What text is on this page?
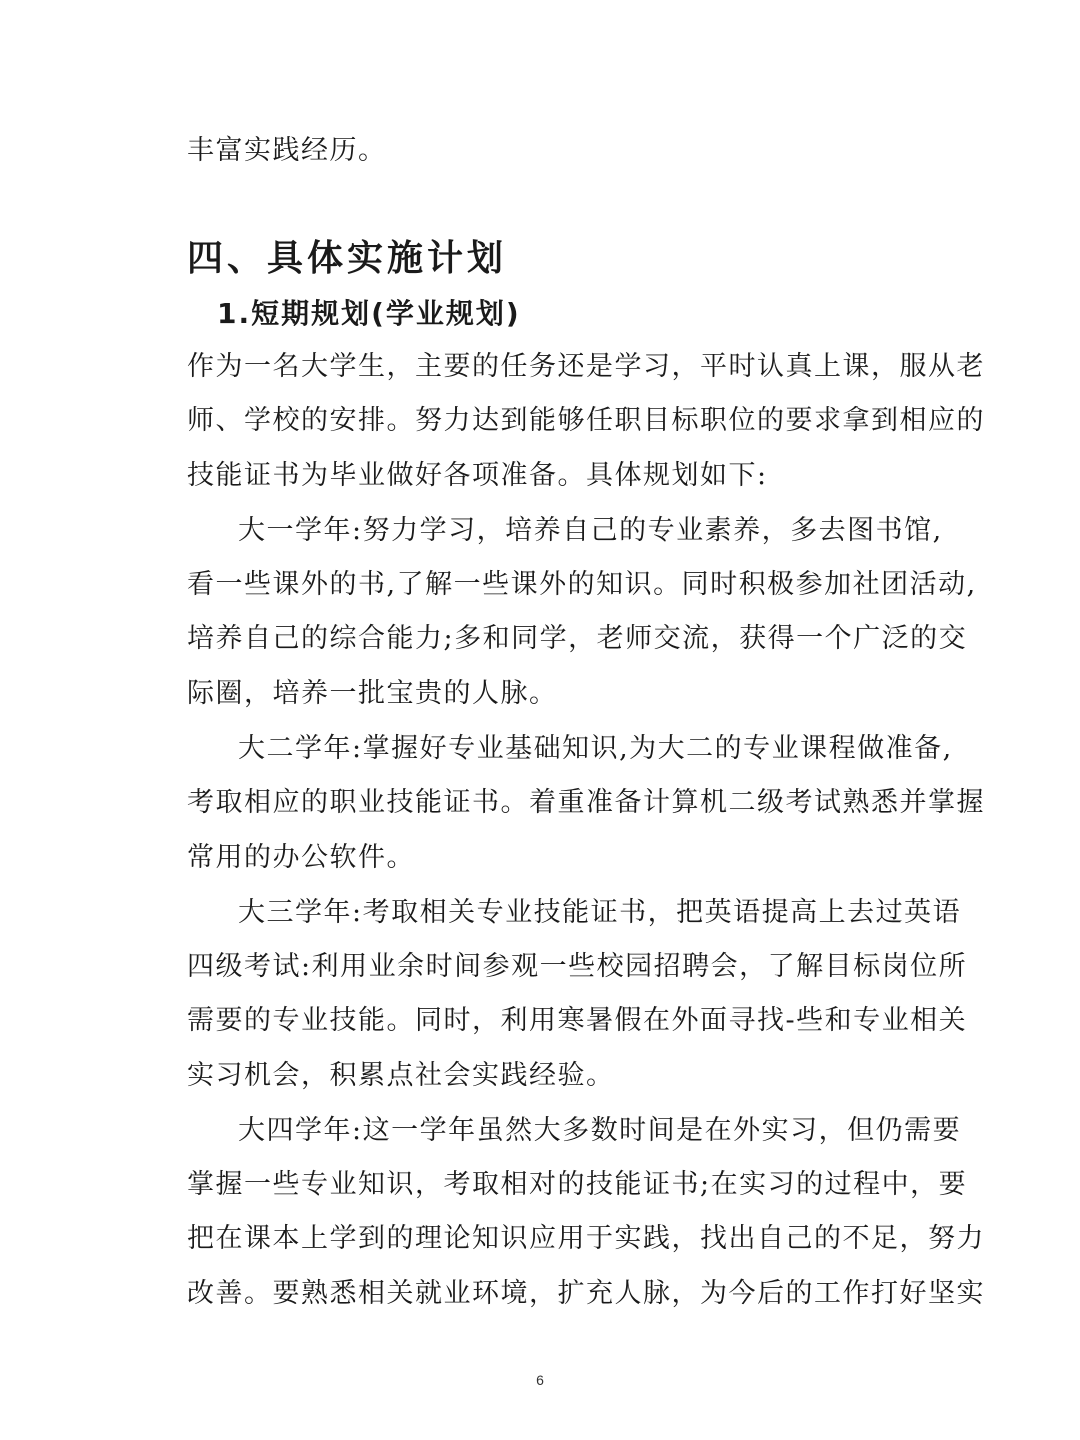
丰富实践经历。
四、具体实施计划
1.短期规划(学业规划)
作为一名大学生，主要的任务还是学习，平时认真上课，服从老
师、学校的安排。努力达到能够任职目标职位的要求拿到相应的
技能证书为毕业做好各项准备。具体规划如下:
大一学年:努力学习，培养自己的专业素养，多去图书馆,
看一些课外的书,了解一些课外的知识。同时积极参加社团活动,
培养自己的综合能力;多和同学，老师交流，获得一个广泛的交
际圈，培养一批宝贵的人脉。
大二学年:掌握好专业基础知识,为大二的专业课程做准备,
考取相应的职业技能证书。着重准备计算机二级考试熟悉并掌握
常用的办公软件。
大三学年:考取相关专业技能证书，把英语提高上去过英语
四级考试:利用业余时间参观一些校园招聘会，了解目标岗位所
需要的专业技能。同时，利用寒暑假在外面寻找-些和专业相关
实习机会，积累点社会实践经验。
大四学年:这一学年虽然大多数时间是在外实习，但仍需要
掌握一些专业知识，考取相对的技能证书;在实习的过程中，要
把在课本上学到的理论知识应用于实践，找出自己的不足，努力
改善。要熟悉相关就业环境，扩充人脉，为今后的工作打好坚实
6
